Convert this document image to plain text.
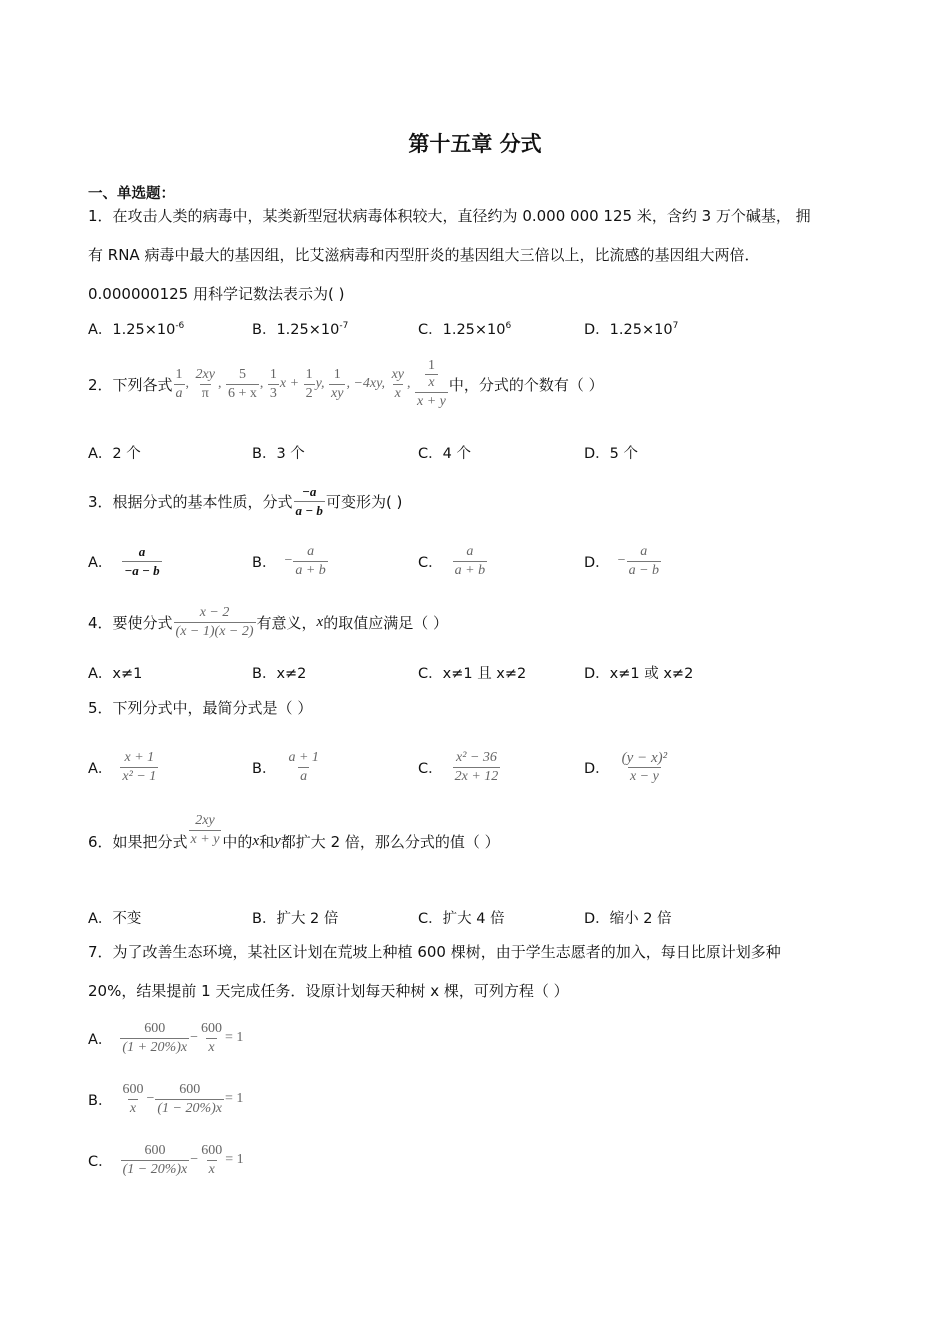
第十五章 分式
一、单选题：
1．在攻击人类的病毒中，某类新型冠状病毒体积较大，直径约为 0.000 000 125 米，含约 3 万个碱基， 拥
有 RNA 病毒中最大的基因组，比艾滋病毒和丙型肝炎的基因组大三倍以上，比流感的基因组大两倍．
0.000000125 用科学记数法表示为( )
A．$1.25\times 10^{-6}$	B．$1.25\times 10^{-7}$	C．$1.25\times 10^6$	D．$1.25\times 10^7$
2．下列各式 $\frac{1}{a}$ , $\frac{2xy}{\pi}$ , $\frac{5}{6 + x}$ , $\frac{1}{3}$ $x + \frac{1}{2} y$, $\frac{1}{xy}$ , −4xy, $\frac{xy}{x}$ , 1
x
x + y 中，分式的个数有（ ）
A．2 个	B．3 个	C．4 个	D．5 个
3．根据分式的基本性质，分式 $\frac{-a}{a - b}$ 可变形为( )
A． $\frac{a}{-a - b}$	B． − $\frac{a}{a + b}$	C． $\frac{a}{a + b}$	D． − $\frac{a}{a - b}$
4．要使分式 $\frac{x - 2}{(x - 1)(x - 2)}$ 有意义， x 的取值应满足（ ）
A．x≠1	B．x≠2	C．x≠1 且 x≠2	D．x≠1 或 x≠2
5．下列分式中，最简分式是（ ）
A． $\frac{x + 1}{\text{x² − 1}}$	B． $\frac{a + 1}{a}$	C． $\frac{\text{x² − 36}}{2x + 12}$	D． $\frac{\text{(y − x)²}}{x - y}$
6．如果把分式 $\frac{2xy}{x + y}$ 中的 x 和 y 都扩大 2 倍，那么分式的值（ ）
A．不变	B．扩大 2 倍	C．扩大 4 倍	D．缩小 2 倍
7．为了改善生态环境，某社区计划在荒坡上种植 600 棵树，由于学生志愿者的加入，每日比原计划多种
20%，结果提前 1 天完成任务．设原计划每天种树 x 棵，可列方程（ ）
A． $\frac{600}{(1 + 20\%)x} - \frac{600}{x} = 1$
B． $\frac{600}{x} - \frac{600}{(1 - 20\%)x} = 1$
C． $\frac{600}{(1 - 20\%)x} - \frac{600}{x} = 1$
